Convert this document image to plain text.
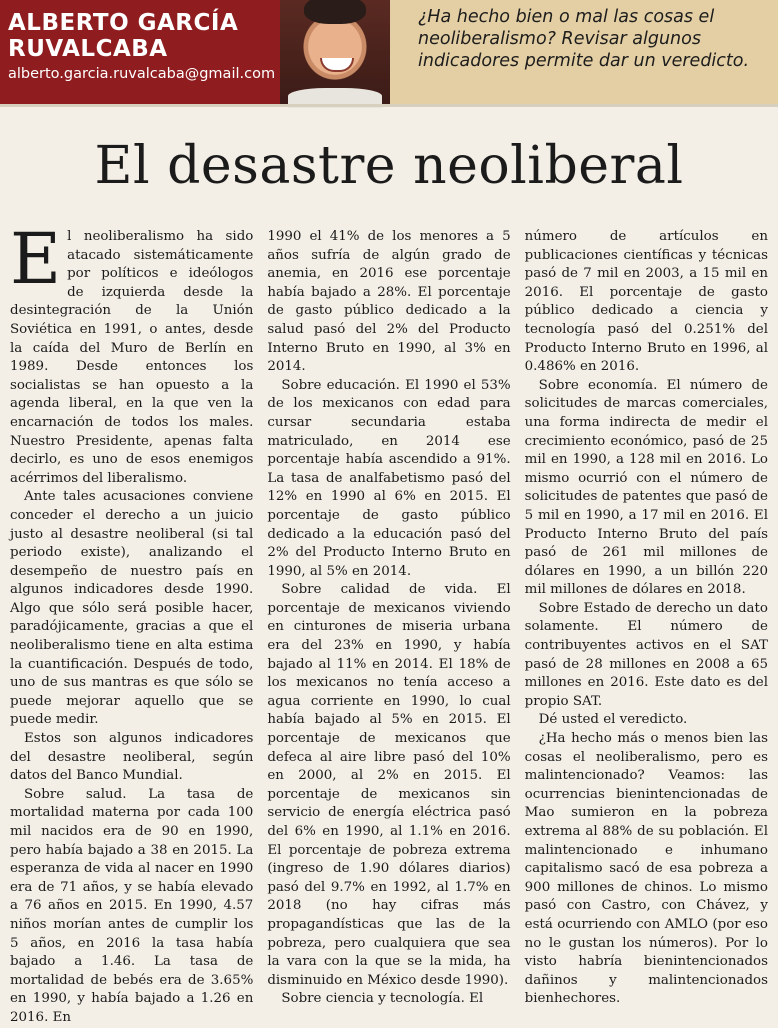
ALBERTO GARCÍA RUVALCABA
alberto.garcia.ruvalcaba@gmail.com
¿Ha hecho bien o mal las cosas el neoliberalismo? Revisar algunos indicadores permite dar un veredicto.
El desastre neoliberal
E l neoliberalismo ha sido atacado sistemáticamente por políticos e ideólogos de izquierda desde la desintegración de la Unión Soviética en 1991, o antes, desde la caída del Muro de Berlín en 1989. Desde entonces los socialistas se han opuesto a la agenda liberal, en la que ven la encarnación de todos los males. Nuestro Presidente, apenas falta decirlo, es uno de esos enemigos acérrimos del liberalismo.

Ante tales acusaciones conviene conceder el derecho a un juicio justo al desastre neoliberal (si tal periodo existe), analizando el desempeño de nuestro país en algunos indicadores desde 1990. Algo que sólo será posible hacer, paradójicamente, gracias a que el neoliberalismo tiene en alta estima la cuantificación. Después de todo, uno de sus mantras es que sólo se puede mejorar aquello que se puede medir.

Estos son algunos indicadores del desastre neoliberal, según datos del Banco Mundial.

Sobre salud. La tasa de mortalidad materna por cada 100 mil nacidos era de 90 en 1990, pero había bajado a 38 en 2015. La esperanza de vida al nacer en 1990 era de 71 años, y se había elevado a 76 años en 2015. En 1990, 4.57 niños morían antes de cumplir los 5 años, en 2016 la tasa había bajado a 1.46. La tasa de mortalidad de bebés era de 3.65% en 1990, y había bajado a 1.26 en 2016. En

1990 el 41% de los menores a 5 años sufría de algún grado de anemia, en 2016 ese porcentaje había bajado a 28%. El porcentaje de gasto público dedicado a la salud pasó del 2% del Producto Interno Bruto en 1990, al 3% en 2014.

Sobre educación. El 1990 el 53% de los mexicanos con edad para cursar secundaria estaba matriculado, en 2014 ese porcentaje había ascendido a 91%. La tasa de analfabetismo pasó del 12% en 1990 al 6% en 2015. El porcentaje de gasto público dedicado a la educación pasó del 2% del Producto Interno Bruto en 1990, al 5% en 2014.

Sobre calidad de vida. El porcentaje de mexicanos viviendo en cinturones de miseria urbana era del 23% en 1990, y había bajado al 11% en 2014. El 18% de los mexicanos no tenía acceso a agua corriente en 1990, lo cual había bajado al 5% en 2015. El porcentaje de mexicanos que defeca al aire libre pasó del 10% en 2000, al 2% en 2015. El porcentaje de mexicanos sin servicio de energía eléctrica pasó del 6% en 1990, al 1.1% en 2016. El porcentaje de pobreza extrema (ingreso de 1.90 dólares diarios) pasó del 9.7% en 1992, al 1.7% en 2018 (no hay cifras más propagandísticas que las de la pobreza, pero cualquiera que sea la vara con la que se la mida, ha disminuido en México desde 1990).

Sobre ciencia y tecnología. El

número de artículos en publicaciones científicas y técnicas pasó de 7 mil en 2003, a 15 mil en 2016. El porcentaje de gasto público dedicado a ciencia y tecnología pasó del 0.251% del Producto Interno Bruto en 1996, al 0.486% en 2016.

Sobre economía. El número de solicitudes de marcas comerciales, una forma indirecta de medir el crecimiento económico, pasó de 25 mil en 1990, a 128 mil en 2016. Lo mismo ocurrió con el número de solicitudes de patentes que pasó de 5 mil en 1990, a 17 mil en 2016. El Producto Interno Bruto del país pasó de 261 mil millones de dólares en 1990, a un billón 220 mil millones de dólares en 2018.

Sobre Estado de derecho un dato solamente. El número de contribuyentes activos en el SAT pasó de 28 millones en 2008 a 65 millones en 2016. Este dato es del propio SAT.

Dé usted el veredicto.

¿Ha hecho más o menos bien las cosas el neoliberalismo, pero es malintencionado? Veamos: las ocurrencias bienintencionadas de Mao sumieron en la pobreza extrema al 88% de su población. El malintencionado e inhumano capitalismo sacó de esa pobreza a 900 millones de chinos. Lo mismo pasó con Castro, con Chávez, y está ocurriendo con AMLO (por eso no le gustan los números). Por lo visto habría bienintencionados dañinos y malintencionados bienhechores.
